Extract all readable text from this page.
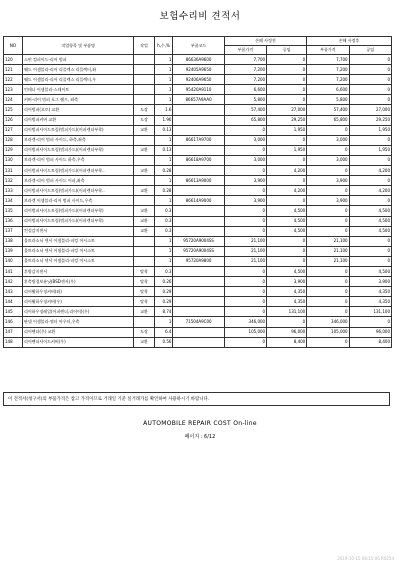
보험수리비 견적서
NO	작업항목 및 부품명	작업	h,수,%	부품코드	손해 사정전		손해 사정후	
					부품가격	공임	부품가격	공임
120	스펀 컴퍼이드-리어 범퍼		1	86636A9600	7,700	0	7,700	0
121	웨드 어셈블리-리어 리플렉스 리플렉터,좌		1	92405A9650	7,200	0	7,200	0
122	웨드 어셈블리-리어 리플렉스 리플렉터,우		1	92406A9650	7,200	0	7,200	0
123	언테나 어셈블리-스테이트		1	95420A9110	6,600	0	6,600	0
124	커버-리어 범퍼 포그 램프, 좌측		1	86657A9AA0	5,800	0	5,800	0
125	리어범퍼(오토) 교환	도장	1.6		57,400	27,000	57,400	27,000
126	리어범퍼커버 교환	도장	1.96		65,800	29,250	65,800	29,250
127	리어범퍼사이드트림(범퍼가드)(어퍼렌더부착)	교환	0.13		0	1,950	0	1,950
128	브라켓-리어 범퍼 사이드, 하측,좌측		1	86617A9700	3,000	0	3,000	0
129	리어범퍼사이드트림(범퍼가드)(어퍼렌더부착)	교환	0.13		0	1,950	0	1,950
130	브라켓-리어 범퍼 사이드 하측,우측		1	86618A9700	3,000	0	3,000	0
131	리어범퍼사이드트림(범퍼가드)(어퍼렌더부착..	교환	0.28		0	4,200	0	4,200
132	브라켓-리어 범퍼 사이드 어퍼,좌측		1	86613A9000	3,900	0	3,900	0
133	리어범퍼사이드트림(범퍼가드)(어퍼렌더부착..	교환	0.28		0	4,200	0	4,200
134	브라켓 어셈블리-리어 범퍼 사이드,우측		1	86614A9000	3,900	0	3,900	0
135	리어범퍼사이드트림(범퍼가드)(어퍼렌더부착)	교환	0.3		0	4,500	0	4,500
136	리어범퍼사이드트림(범퍼가드)(어퍼렌더부착)	교환	0.3		0	4,500	0	4,500
137	컨설감지센서	교환	0.3		0	4,500	0	4,500
138	울트라소닉 센서 어셈블리-파킹 어시스트		1	95720A9004SS	21,100	0	21,100	0
139	울트라소닉 센서 어셈블리-파킹 어시스트		1	95720A9004SS	21,100	0	21,100	0
140	울트라소닉 센서 어셈블리-파킹 어시스트		1	95720A9800	21,100	0	21,100	0
141	후방감지센서	탈착	0.3		0	4,500	0	4,500
142	후측방경보유닛(BSD센서(우)	탈착	0.26		0	3,900	0	3,900
143	리어휠하우징커버(좌)	탈착	0.29		0	4,350	0	4,350
144	리어휠하우징커버(우)	탈착	0.29		0	4,350	0	4,350
145	리어하우징레일(어퍼렌더,리어어)(우)	교환	8.74		0	131,100	0	131,100
146	판넬 어셈블리-쿼터 아우터,우측		1	71504A9C00	346,000	0	346,000	0
147	리어펜더(우) 교환	도장	6.4		105,000	96,000	105,000	96,000
148	리어펜더사이드커버(우)	교환	0.56		0	8,400	0	8,400
이 견적서(청구서)의 부품가격은 참고 가격이므로 거래일 기준 실거래가를 확인하여 사용하시기 바랍니다.
AUTOMOBILE REPAIR COST On-line
페이지 : 6/12
2019-10-15 08:15:06 R0254
